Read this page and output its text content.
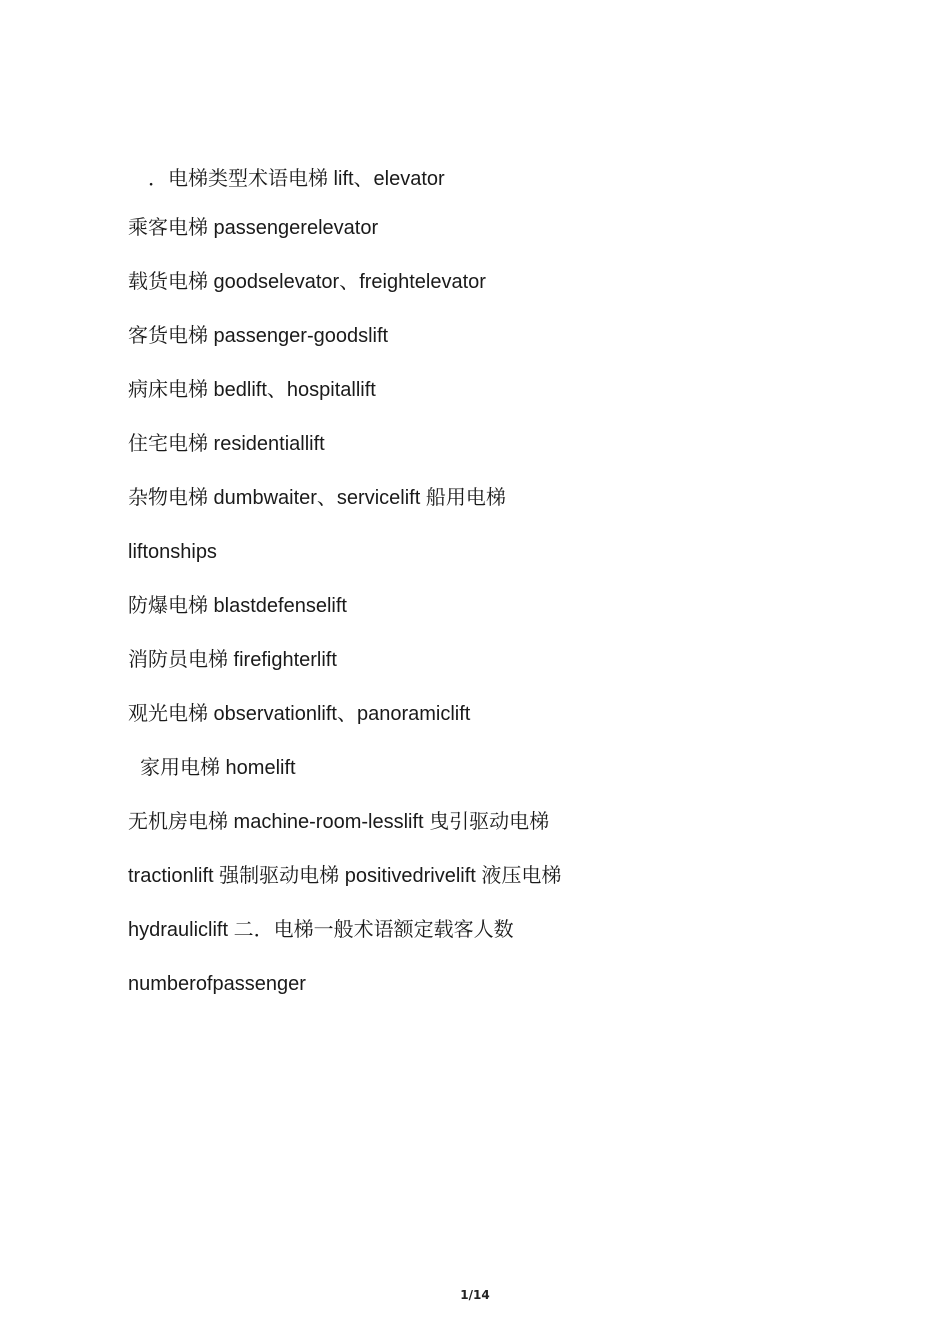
．电梯类型术语电梯 lift、elevator
乘客电梯 passengerelevator
载货电梯 goodselevator、freightelevator
客货电梯 passenger-goodslift
病床电梯 bedlift、hospitallift
住宅电梯 residentiallift
杂物电梯 dumbwaiter、servicelift 船用电梯
liftonships
防爆电梯 blastdefenselift
消防员电梯 firefighterlift
观光电梯 observationlift、panoramiclift
家用电梯 homelift
无机房电梯 machine-room-lesslift 曳引驱动电梯
tractionlift 强制驱动电梯 positivedrivelift 液压电梯
hydrauliclift 二．电梯一般术语额定载客人数
numberofpassenger
1/14
